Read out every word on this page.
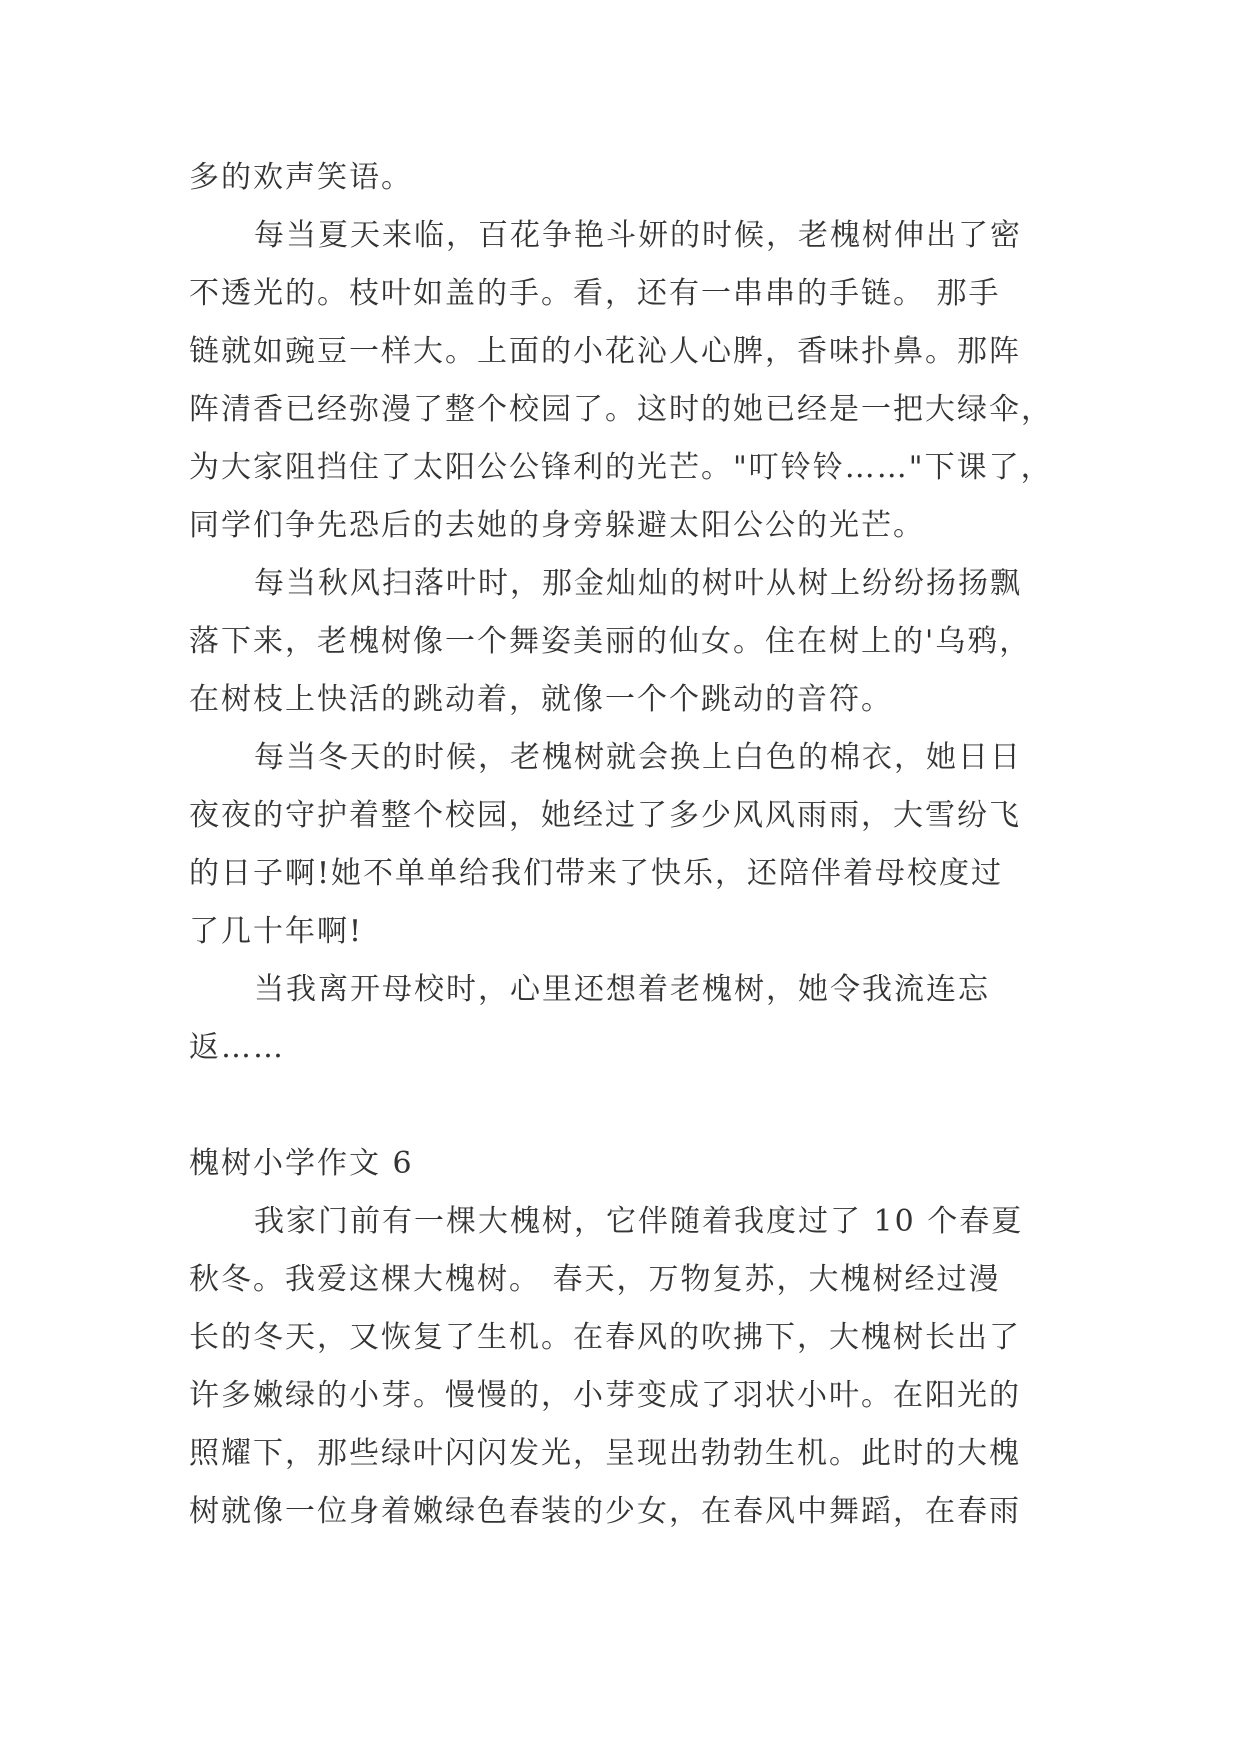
多的欢声笑语。
每当夏天来临，百花争艳斗妍的时候，老槐树伸出了密
不透光的。枝叶如盖的手。看，还有一串串的手链。 那手
链就如豌豆一样大。上面的小花沁人心脾，香味扑鼻。那阵
阵清香已经弥漫了整个校园了。这时的她已经是一把大绿伞，
为大家阻挡住了太阳公公锋利的光芒。"叮铃铃……"下课了，
同学们争先恐后的去她的身旁躲避太阳公公的光芒。
每当秋风扫落叶时，那金灿灿的树叶从树上纷纷扬扬飘
落下来，老槐树像一个舞姿美丽的仙女。住在树上的'乌鸦，
在树枝上快活的跳动着，就像一个个跳动的音符。
每当冬天的时候，老槐树就会换上白色的棉衣，她日日
夜夜的守护着整个校园，她经过了多少风风雨雨，大雪纷飞
的日子啊!她不单单给我们带来了快乐，还陪伴着母校度过
了几十年啊!
当我离开母校时，心里还想着老槐树，她令我流连忘
返……
槐树小学作文 6
我家门前有一棵大槐树，它伴随着我度过了 10 个春夏
秋冬。我爱这棵大槐树。 春天，万物复苏，大槐树经过漫
长的冬天，又恢复了生机。在春风的吹拂下，大槐树长出了
许多嫩绿的小芽。慢慢的，小芽变成了羽状小叶。在阳光的
照耀下，那些绿叶闪闪发光，呈现出勃勃生机。此时的大槐
树就像一位身着嫩绿色春装的少女，在春风中舞蹈，在春雨
